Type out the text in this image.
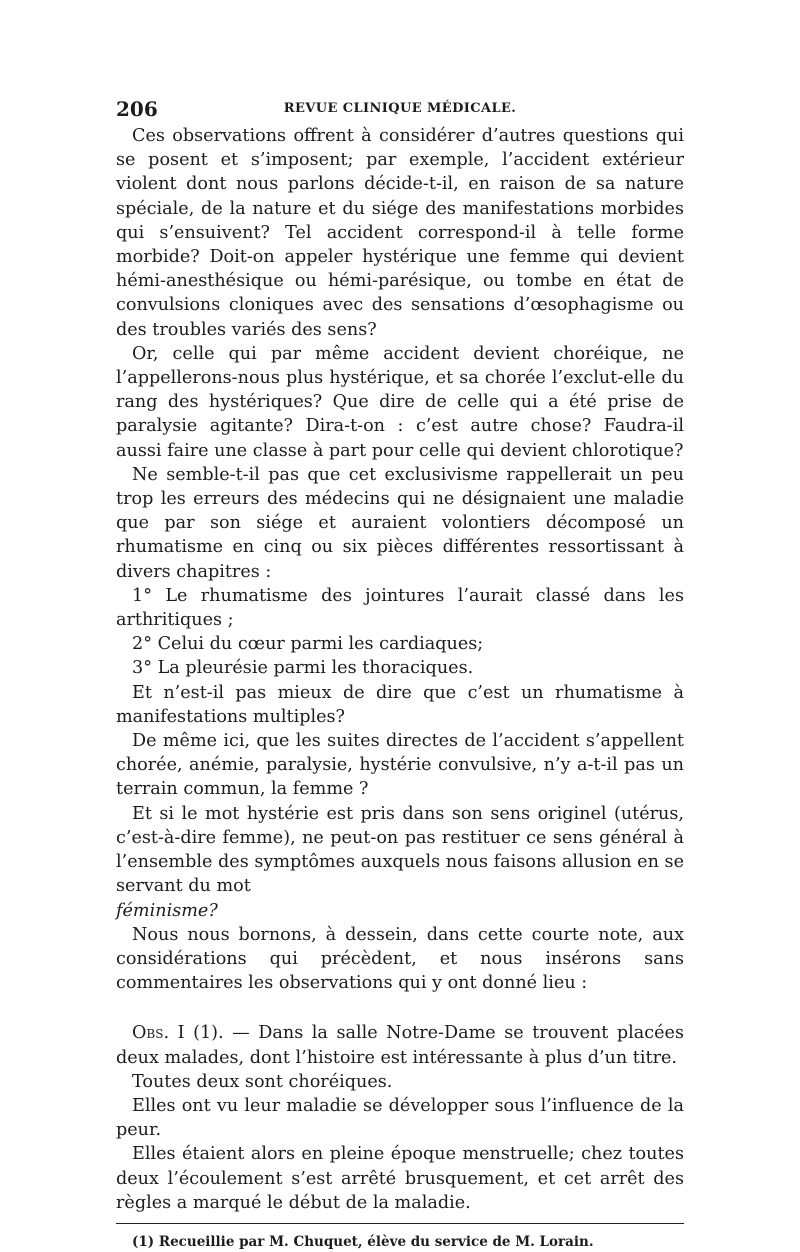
206	REVUE CLINIQUE MÉDICALE.

Ces observations offrent à considérer d’autres questions qui se posent et s’imposent; par exemple, l’accident extérieur violent dont nous parlons décide-t-il, en raison de sa nature spéciale, de la nature et du siége des manifestations morbides qui s’ensuivent? Tel accident correspond-il à telle forme morbide? Doit-on appeler hystérique une femme qui devient hémi-anesthésique ou hémi-parésique, ou tombe en état de convulsions cloniques avec des sensations d’œsophagisme ou des troubles variés des sens?

Or, celle qui par même accident devient choréique, ne l’appellerons-nous plus hystérique, et sa chorée l’exclut-elle du rang des hystériques? Que dire de celle qui a été prise de paralysie agitante? Dira-t-on : c’est autre chose? Faudra-il aussi faire une classe à part pour celle qui devient chlorotique?

Ne semble-t-il pas que cet exclusivisme rappellerait un peu trop les erreurs des médecins qui ne désignaient une maladie que par son siége et auraient volontiers décomposé un rhumatisme en cinq ou six pièces différentes ressortissant à divers chapitres :

1° Le rhumatisme des jointures l’aurait classé dans les arthritiques ;

2° Celui du cœur parmi les cardiaques;

3° La pleurésie parmi les thoraciques.

Et n’est-il pas mieux de dire que c’est un rhumatisme à manifestations multiples?

De même ici, que les suites directes de l’accident s’appellent chorée, anémie, paralysie, hystérie convulsive, n’y a-t-il pas un terrain commun, la femme ?

Et si le mot hystérie est pris dans son sens originel (utérus, c’est-à-dire femme), ne peut-on pas restituer ce sens général à l’ensemble des symptômes auxquels nous faisons allusion en se servant du mot

féminisme?

Nous nous bornons, à dessein, dans cette courte note, aux considérations qui précèdent, et nous insérons sans commentaires les observations qui y ont donné lieu :

Obs. I (1). — Dans la salle Notre-Dame se trouvent placées deux malades, dont l’histoire est intéressante à plus d’un titre.

Toutes deux sont choréiques.

Elles ont vu leur maladie se développer sous l’influence de la peur.

Elles étaient alors en pleine époque menstruelle; chez toutes deux l’écoulement s’est arrêté brusquement, et cet arrêt des règles a marqué le début de la maladie.

(1) Recueillie par M. Chuquet, élève du service de M. Lorain.
